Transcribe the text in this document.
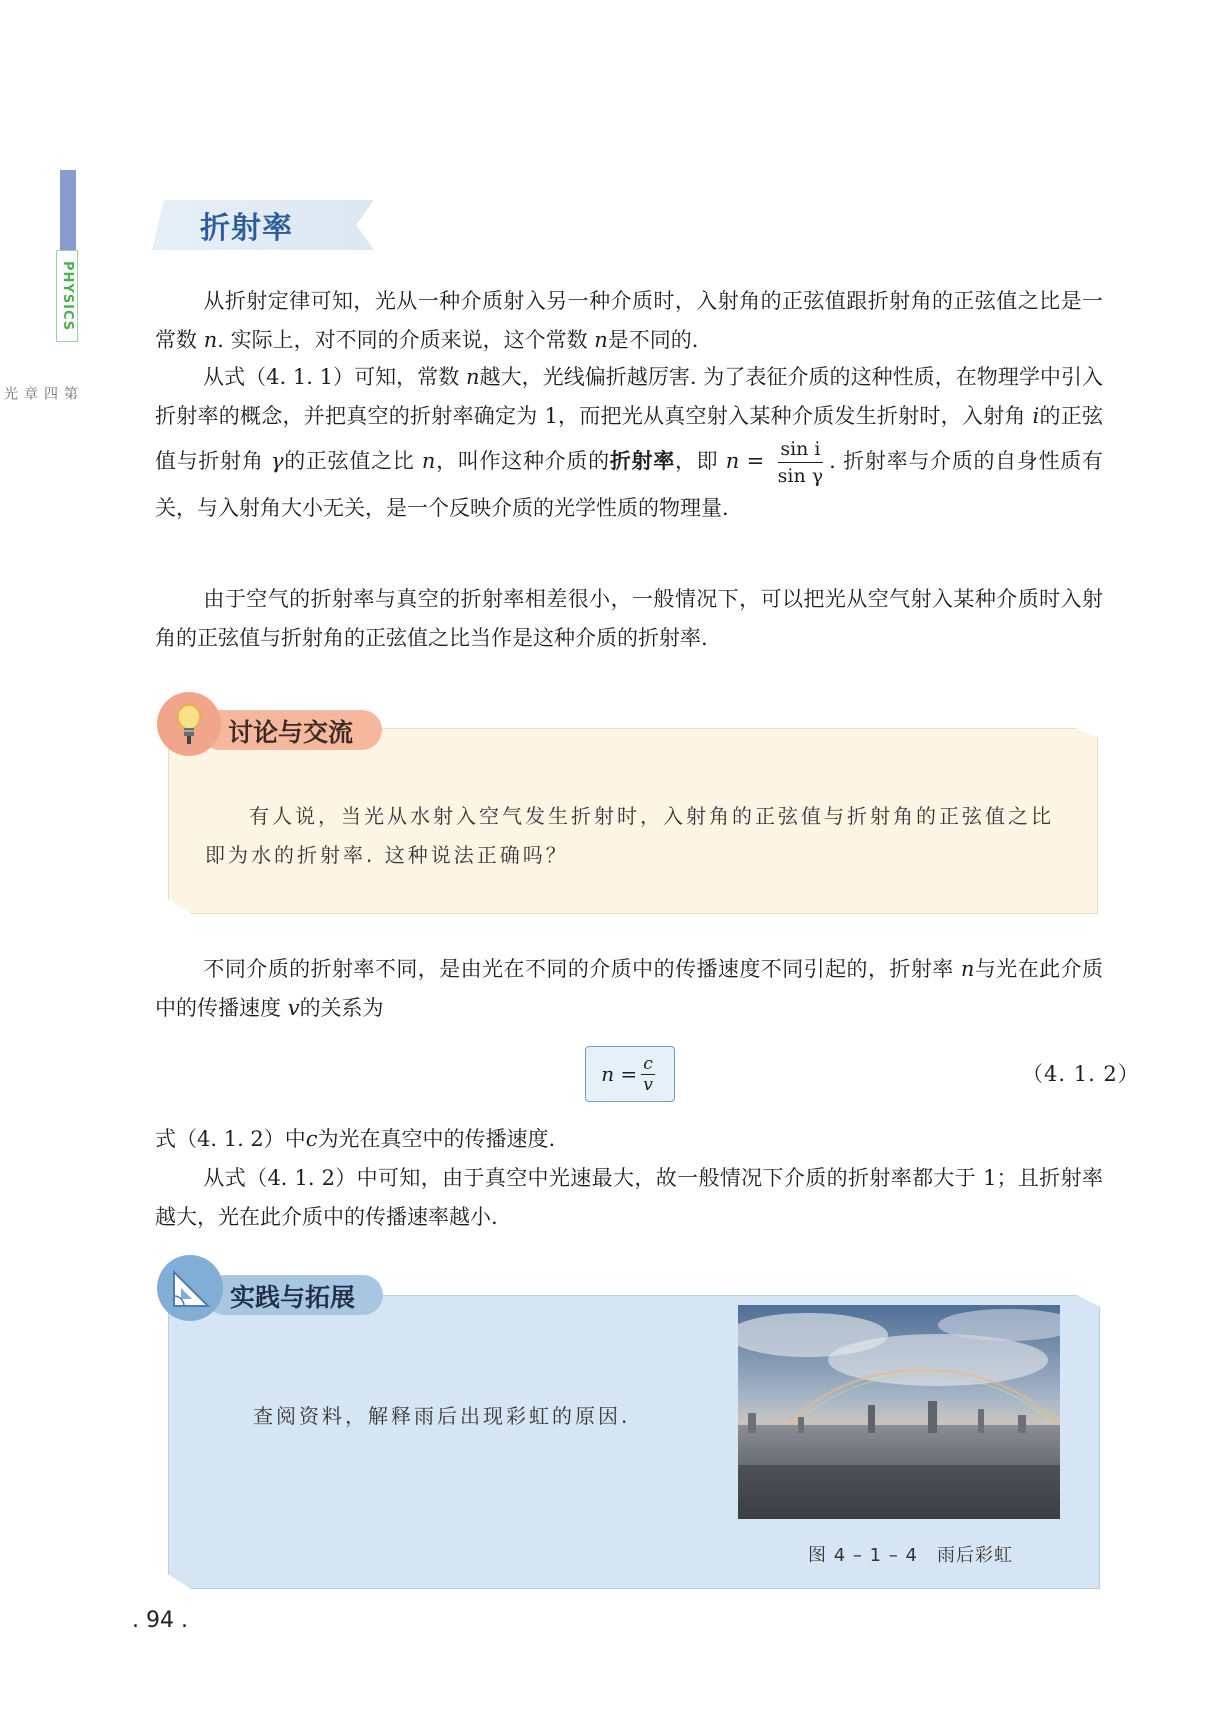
PHYSICS
第
四
章
光
折射率
从折射定律可知，光从一种介质射入另一种介质时，入射角的正弦值跟折射角的正弦值之比是一常数 n. 实际上，对不同的介质来说，这个常数 n是不同的.
从式（4. 1. 1）可知，常数 n越大，光线偏折越厉害. 为了表征介质的这种性质，在物理学中引入折射率的概念，并把真空的折射率确定为 1，而把光从真空射入某种介质发生折射时，入射角 i的正弦值与折射角 γ的正弦值之比 n，叫作这种介质的折射率，即 $n = \frac{\text{sin i}}{\text{sin γ}}$ . 折射率与介质的自身性质有关，与入射角大小无关，是一个反映介质的光学性质的物理量.
由于空气的折射率与真空的折射率相差很小，一般情况下，可以把光从空气射入某种介质时入射角的正弦值与折射角的正弦值之比当作是这种介质的折射率.
讨论与交流
有人说，当光从水射入空气发生折射时，入射角的正弦值与折射角的正弦值之比即为水的折射率. 这种说法正确吗？
不同介质的折射率不同，是由光在不同的介质中的传播速度不同引起的，折射率 n与光在此介质中的传播速度 v的关系为
$n = \frac{c}{v}$	（4. 1. 2）
式（4. 1. 2）中c为光在真空中的传播速度.
从式（4. 1. 2）中可知，由于真空中光速最大，故一般情况下介质的折射率都大于 1；且折射率越大，光在此介质中的传播速率越小.
实践与拓展
查阅资料，解释雨后出现彩虹的原因.
图 4 – 1 – 4　雨后彩虹
. 94 .
